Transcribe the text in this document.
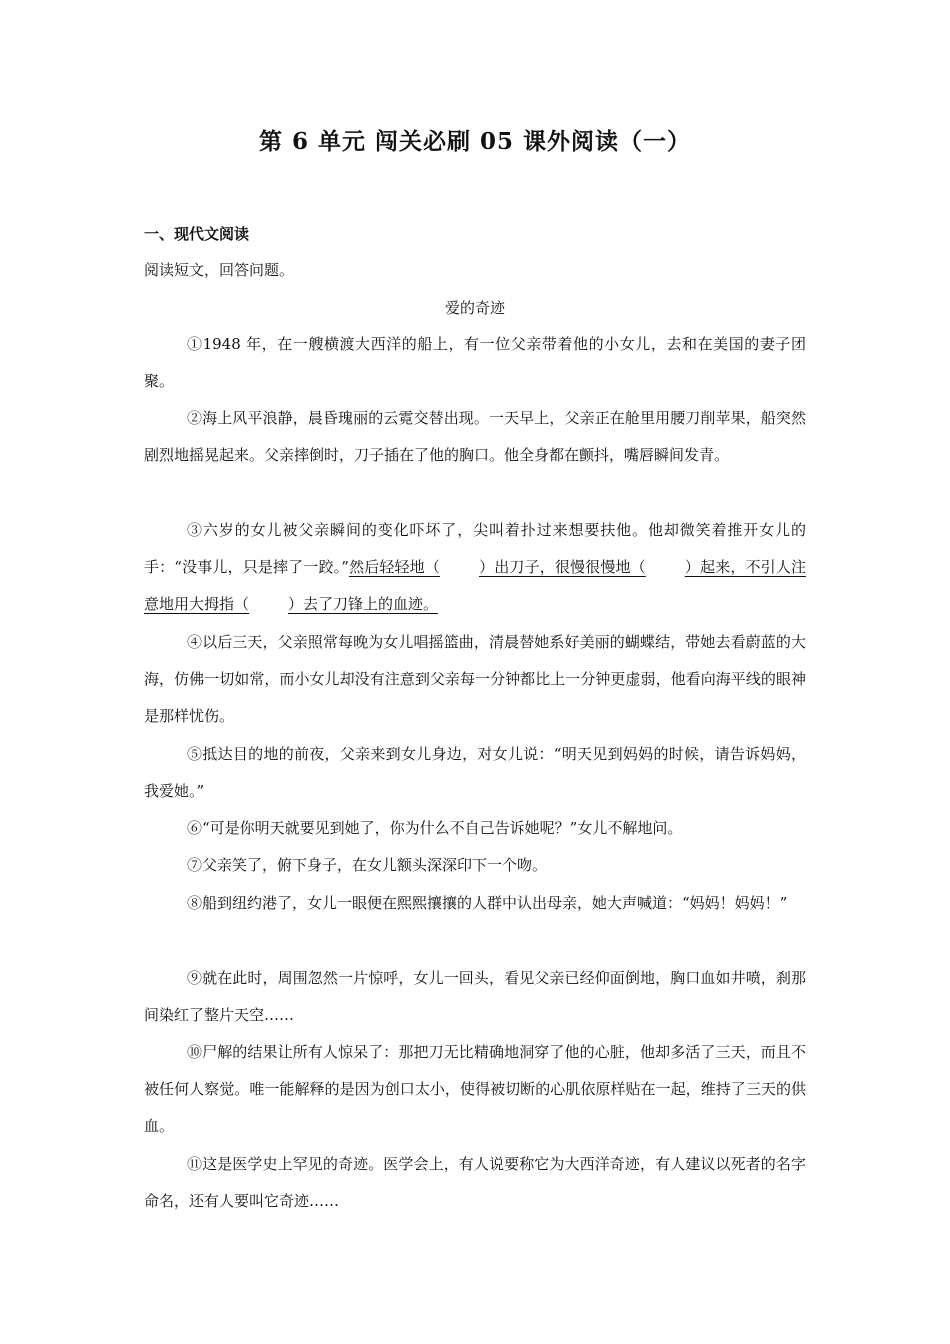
第 6 单元 闯关必刷 05 课外阅读（一）
一、现代文阅读
阅读短文，回答问题。
爱的奇迹

①1948 年，在一艘横渡大西洋的船上，有一位父亲带着他的小女儿，去和在美国的妻子团聚。

②海上风平浪静，晨昏瑰丽的云霓交替出现。一天早上，父亲正在舱里用腰刀削苹果，船突然剧烈地摇晃起来。父亲摔倒时，刀子插在了他的胸口。他全身都在颤抖，嘴唇瞬间发青。

③六岁的女儿被父亲瞬间的变化吓坏了，尖叫着扑过来想要扶他。他却微笑着推开女儿的手：“没事儿，只是摔了一跤。”然后轻轻地（	）出刀子，很慢很慢地（	）起来，不引人注意地用大拇指（	）去了刀锋上的血迹。

④以后三天，父亲照常每晚为女儿唱摇篮曲，清晨替她系好美丽的蝴蝶结，带她去看蔚蓝的大海，仿佛一切如常，而小女儿却没有注意到父亲每一分钟都比上一分钟更虚弱，他看向海平线的眼神是那样忧伤。

⑤抵达目的地的前夜，父亲来到女儿身边，对女儿说：“明天见到妈妈的时候，请告诉妈妈，我爱她。”

⑥“可是你明天就要见到她了，你为什么不自己告诉她呢？”女儿不解地问。

⑦父亲笑了，俯下身子，在女儿额头深深印下一个吻。

⑧船到纽约港了，女儿一眼便在熙熙攘攘的人群中认出母亲，她大声喊道：“妈妈！妈妈！”

⑨就在此时，周围忽然一片惊呼，女儿一回头，看见父亲已经仰面倒地，胸口血如井喷，刹那间染红了整片天空……

⑩尸解的结果让所有人惊呆了：那把刀无比精确地洞穿了他的心脏，他却多活了三天，而且不被任何人察觉。唯一能解释的是因为创口太小，使得被切断的心肌依原样贴在一起，维持了三天的供血。

⑪这是医学史上罕见的奇迹。医学会上，有人说要称它为大西洋奇迹，有人建议以死者的名字命名，还有人要叫它奇迹……
